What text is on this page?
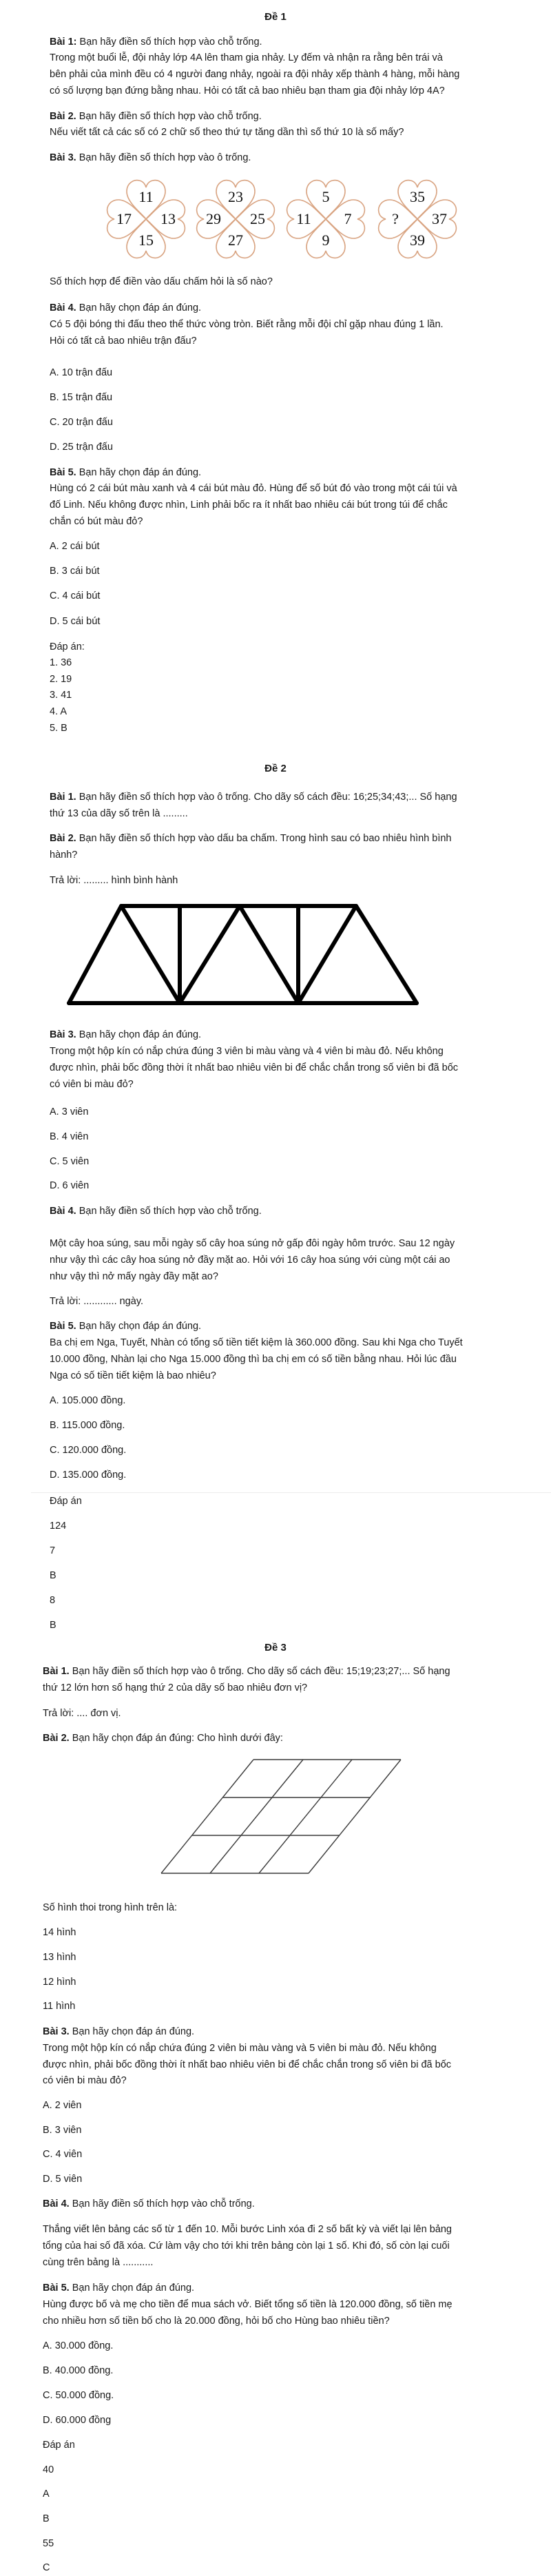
Đề 1
Bài 1: Bạn hãy điền số thích hợp vào chỗ trống.
Trong một buổi lễ, đội nhảy lớp 4A lên tham gia nhảy. Ly đếm và nhận ra rằng bên trái và
bên phải của mình đều có 4 người đang nhảy, ngoài ra đội nhảy xếp thành 4 hàng, mỗi hàng
có số lượng bạn đứng bằng nhau. Hỏi có tất cả bao nhiêu bạn tham gia đội nhảy lớp 4A?
Bài 2. Bạn hãy điền số thích hợp vào chỗ trống.
Nếu viết tất cả các số có 2 chữ số theo thứ tự tăng dần thì số thứ 10 là số mấy?
Bài 3. Bạn hãy điền số thích hợp vào ô trống.
11
17 13
15
23
29 25
27
5
11 7
9
35
? 37
39
Số thích hợp để điền vào dấu chấm hỏi là số nào?
Bài 4. Bạn hãy chọn đáp án đúng.
Có 5 đội bóng thi đấu theo thể thức vòng tròn. Biết rằng mỗi đội chỉ gặp nhau đúng 1 lần.
Hỏi có tất cả bao nhiêu trận đấu?
A. 10 trận đấu
B. 15 trận đấu
C. 20 trận đấu
D. 25 trận đấu
Bài 5. Bạn hãy chọn đáp án đúng.
Hùng có 2 cái bút màu xanh và 4 cái bút màu đỏ. Hùng để số bút đó vào trong một cái túi và
đố Linh. Nếu không được nhìn, Linh phải bốc ra ít nhất bao nhiêu cái bút trong túi để chắc
chắn có bút màu đỏ?
A. 2 cái bút
B. 3 cái bút
C. 4 cái bút
D. 5 cái bút
Đáp án:
1. 36
2. 19
3. 41
4. A
5. B
Đề 2
Bài 1. Bạn hãy điền số thích hợp vào ô trống. Cho dãy số cách đều: 16;25;34;43;... Số hạng
thứ 13 của dãy số trên là .........
Bài 2. Bạn hãy điền số thích hợp vào dấu ba chấm. Trong hình sau có bao nhiêu hình bình
hành?
Trả lời: ......... hình bình hành
Bài 3. Bạn hãy chọn đáp án đúng.
Trong một hộp kín có nắp chứa đúng 3 viên bi màu vàng và 4 viên bi màu đỏ. Nếu không
được nhìn, phải bốc đồng thời ít nhất bao nhiêu viên bi để chắc chắn trong số viên bi đã bốc
có viên bi màu đỏ?
A. 3 viên
B. 4 viên
C. 5 viên
D. 6 viên
Bài 4. Bạn hãy điền số thích hợp vào chỗ trống.
Một cây hoa súng, sau mỗi ngày số cây hoa súng nở gấp đôi ngày hôm trước. Sau 12 ngày
như vậy thì các cây hoa súng nở đầy mặt ao. Hỏi với 16 cây hoa súng với cùng một cái ao
như vậy thì nở mấy ngày đầy mặt ao?
Trả lời: ............ ngày.
Bài 5. Bạn hãy chọn đáp án đúng.
Ba chị em Nga, Tuyết, Nhàn có tổng số tiền tiết kiệm là 360.000 đồng. Sau khi Nga cho Tuyết
10.000 đồng, Nhàn lại cho Nga 15.000 đồng thì ba chị em có số tiền bằng nhau. Hỏi lúc đầu
Nga có số tiền tiết kiệm là bao nhiêu?
A. 105.000 đồng.
B. 115.000 đồng.
C. 120.000 đồng.
D. 135.000 đồng.
Đáp án
124
7
B
8
B
Đề 3
Bài 1. Bạn hãy điền số thích hợp vào ô trống. Cho dãy số cách đều: 15;19;23;27;... Số hạng
thứ 12 lớn hơn số hạng thứ 2 của dãy số bao nhiêu đơn vị?
Trả lời: .... đơn vị.
Bài 2. Bạn hãy chọn đáp án đúng: Cho hình dưới đây:
Số hình thoi trong hình trên là:
14 hình
13 hình
12 hình
11 hình
Bài 3. Bạn hãy chọn đáp án đúng.
Trong một hộp kín có nắp chứa đúng 2 viên bi màu vàng và 5 viên bi màu đỏ. Nếu không
được nhìn, phải bốc đồng thời ít nhất bao nhiêu viên bi để chắc chắn trong số viên bi đã bốc
có viên bi màu đỏ?
A. 2 viên
B. 3 viên
C. 4 viên
D. 5 viên
Bài 4. Bạn hãy điền số thích hợp vào chỗ trống.
Thắng viết lên bảng các số từ 1 đến 10. Mỗi bước Linh xóa đi 2 số bất kỳ và viết lại lên bảng
tổng của hai số đã xóa. Cứ làm vậy cho tới khi trên bảng còn lại 1 số. Khi đó, số còn lại cuối
cùng trên bảng là ...........
Bài 5. Bạn hãy chọn đáp án đúng.
Hùng được bố và mẹ cho tiền để mua sách vở. Biết tổng số tiền là 120.000 đồng, số tiền mẹ
cho nhiều hơn số tiền bố cho là 20.000 đồng, hỏi bố cho Hùng bao nhiêu tiền?
A. 30.000 đồng.
B. 40.000 đồng.
C. 50.000 đồng.
D. 60.000 đồng
Đáp án
40
A
B
55
C
